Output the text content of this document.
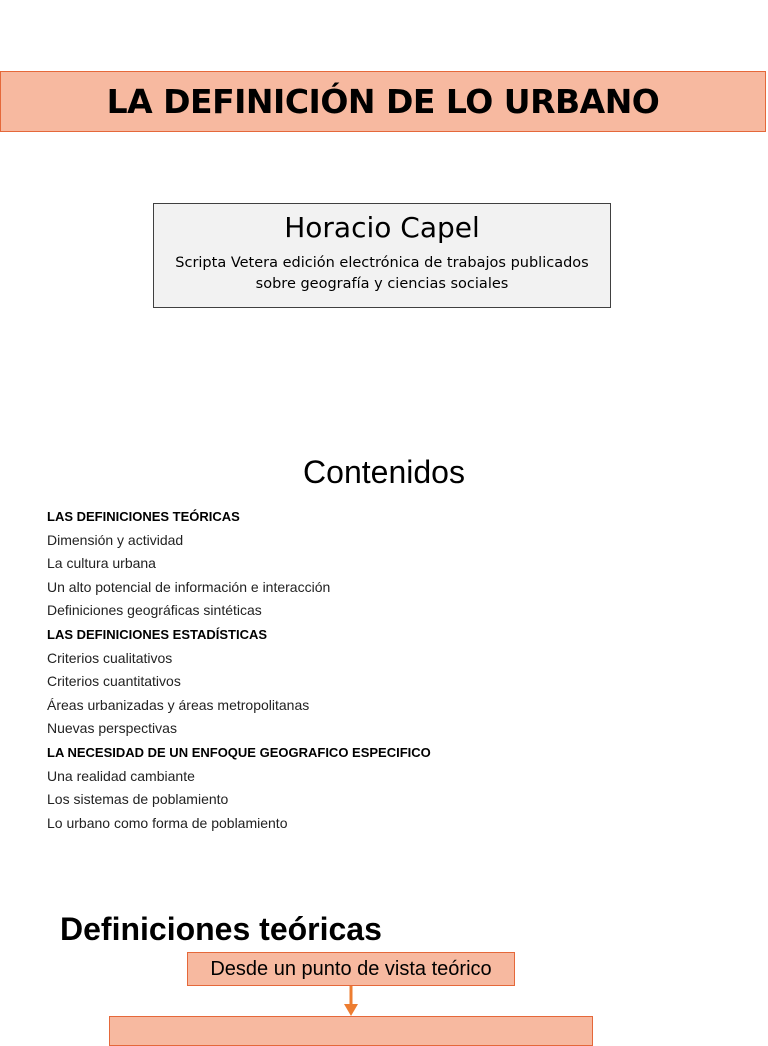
LA DEFINICIÓN DE LO URBANO
Horacio Capel
Scripta Vetera edición electrónica de trabajos publicados
sobre geografía y ciencias sociales
Contenidos
LAS DEFINICIONES TEÓRICAS
Dimensión y actividad
La cultura urbana
Un alto potencial de información e interacción
Definiciones geográficas sintéticas
LAS DEFINICIONES ESTADÍSTICAS
Criterios cualitativos
Criterios cuantitativos
Áreas urbanizadas y áreas metropolitanas
Nuevas perspectivas
LA NECESIDAD DE UN ENFOQUE GEOGRAFICO ESPECIFICO
Una realidad cambiante
Los sistemas de poblamiento
Lo urbano como forma de poblamiento
Definiciones teóricas
Desde un punto de vista teórico
